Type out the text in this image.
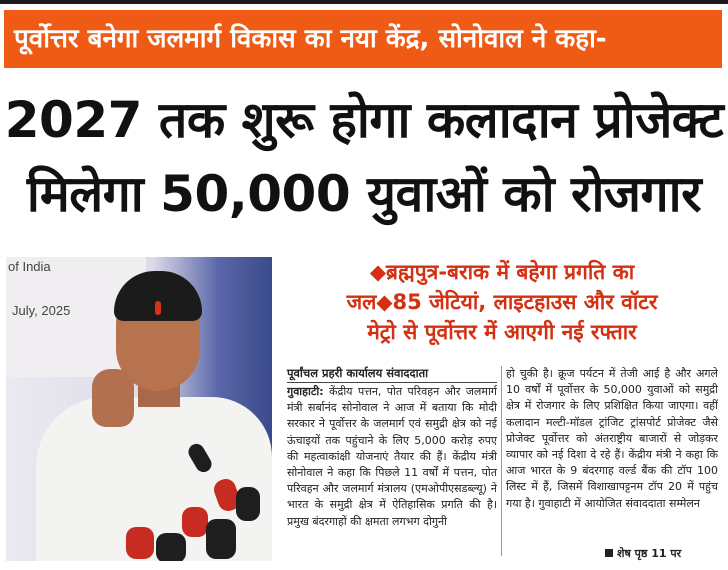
पूर्वोत्तर बनेगा जलमार्ग विकास का नया केंद्र, सोनोवाल ने कहा-
2027 तक शुरू होगा कलादान प्रोजेक्ट
मिलेगा 50,000 युवाओं को रोजगार
of India
July, 2025
◆ब्रह्मपुत्र-बराक में बहेगा प्रगति का
जल◆85 जेटियां, लाइटहाउस और वॉटर
मेट्रो से पूर्वोत्तर में आएगी नई रफ्तार
पूर्वांचल प्रहरी कार्यालय संवाददाता
गुवाहाटी: केंद्रीय पत्तन, पोत परिवहन और जलमार्ग मंत्री सर्बानंद सोनोवाल ने आज में बताया कि मोदी सरकार ने पूर्वोत्तर के जलमार्ग एवं समुद्री क्षेत्र को नई ऊंचाइयों तक पहुंचाने के लिए 5,000 करोड़ रुपए की महत्वाकांक्षी योजनाएं तैयार की हैं। केंद्रीय मंत्री सोनोवाल ने कहा कि पिछले 11 वर्षों में पत्तन, पोत परिवहन और जलमार्ग मंत्रालय (एमओपीएसडब्ल्यू) ने भारत के समुद्री क्षेत्र में ऐतिहासिक प्रगति की है। प्रमुख बंदरगाहों की क्षमता लगभग दोगुनी
हो चुकी है। क्रूज पर्यटन में तेजी आई है और अगले 10 वर्षों में पूर्वोत्तर के 50,000 युवाओं को समुद्री क्षेत्र में रोजगार के लिए प्रशिक्षित किया जाएगा। वहीं कलादान मल्टी-मॉडल ट्रांजिट ट्रांसपोर्ट प्रोजेक्ट जैसे प्रोजेक्ट पूर्वोत्तर को अंतराष्ट्रीय बाजारों से जोड़कर व्यापार को नई दिशा दे रहे हैं। केंद्रीय मंत्री ने कहा कि आज भारत के 9 बंदरगाह वर्ल्ड बैंक की टॉप 100 लिस्ट में हैं, जिसमें विशाखापट्टनम टॉप 20 में पहुंच गया है। गुवाहाटी में आयोजित संवाददाता सम्मेलन
शेष पृष्ठ 11 पर
